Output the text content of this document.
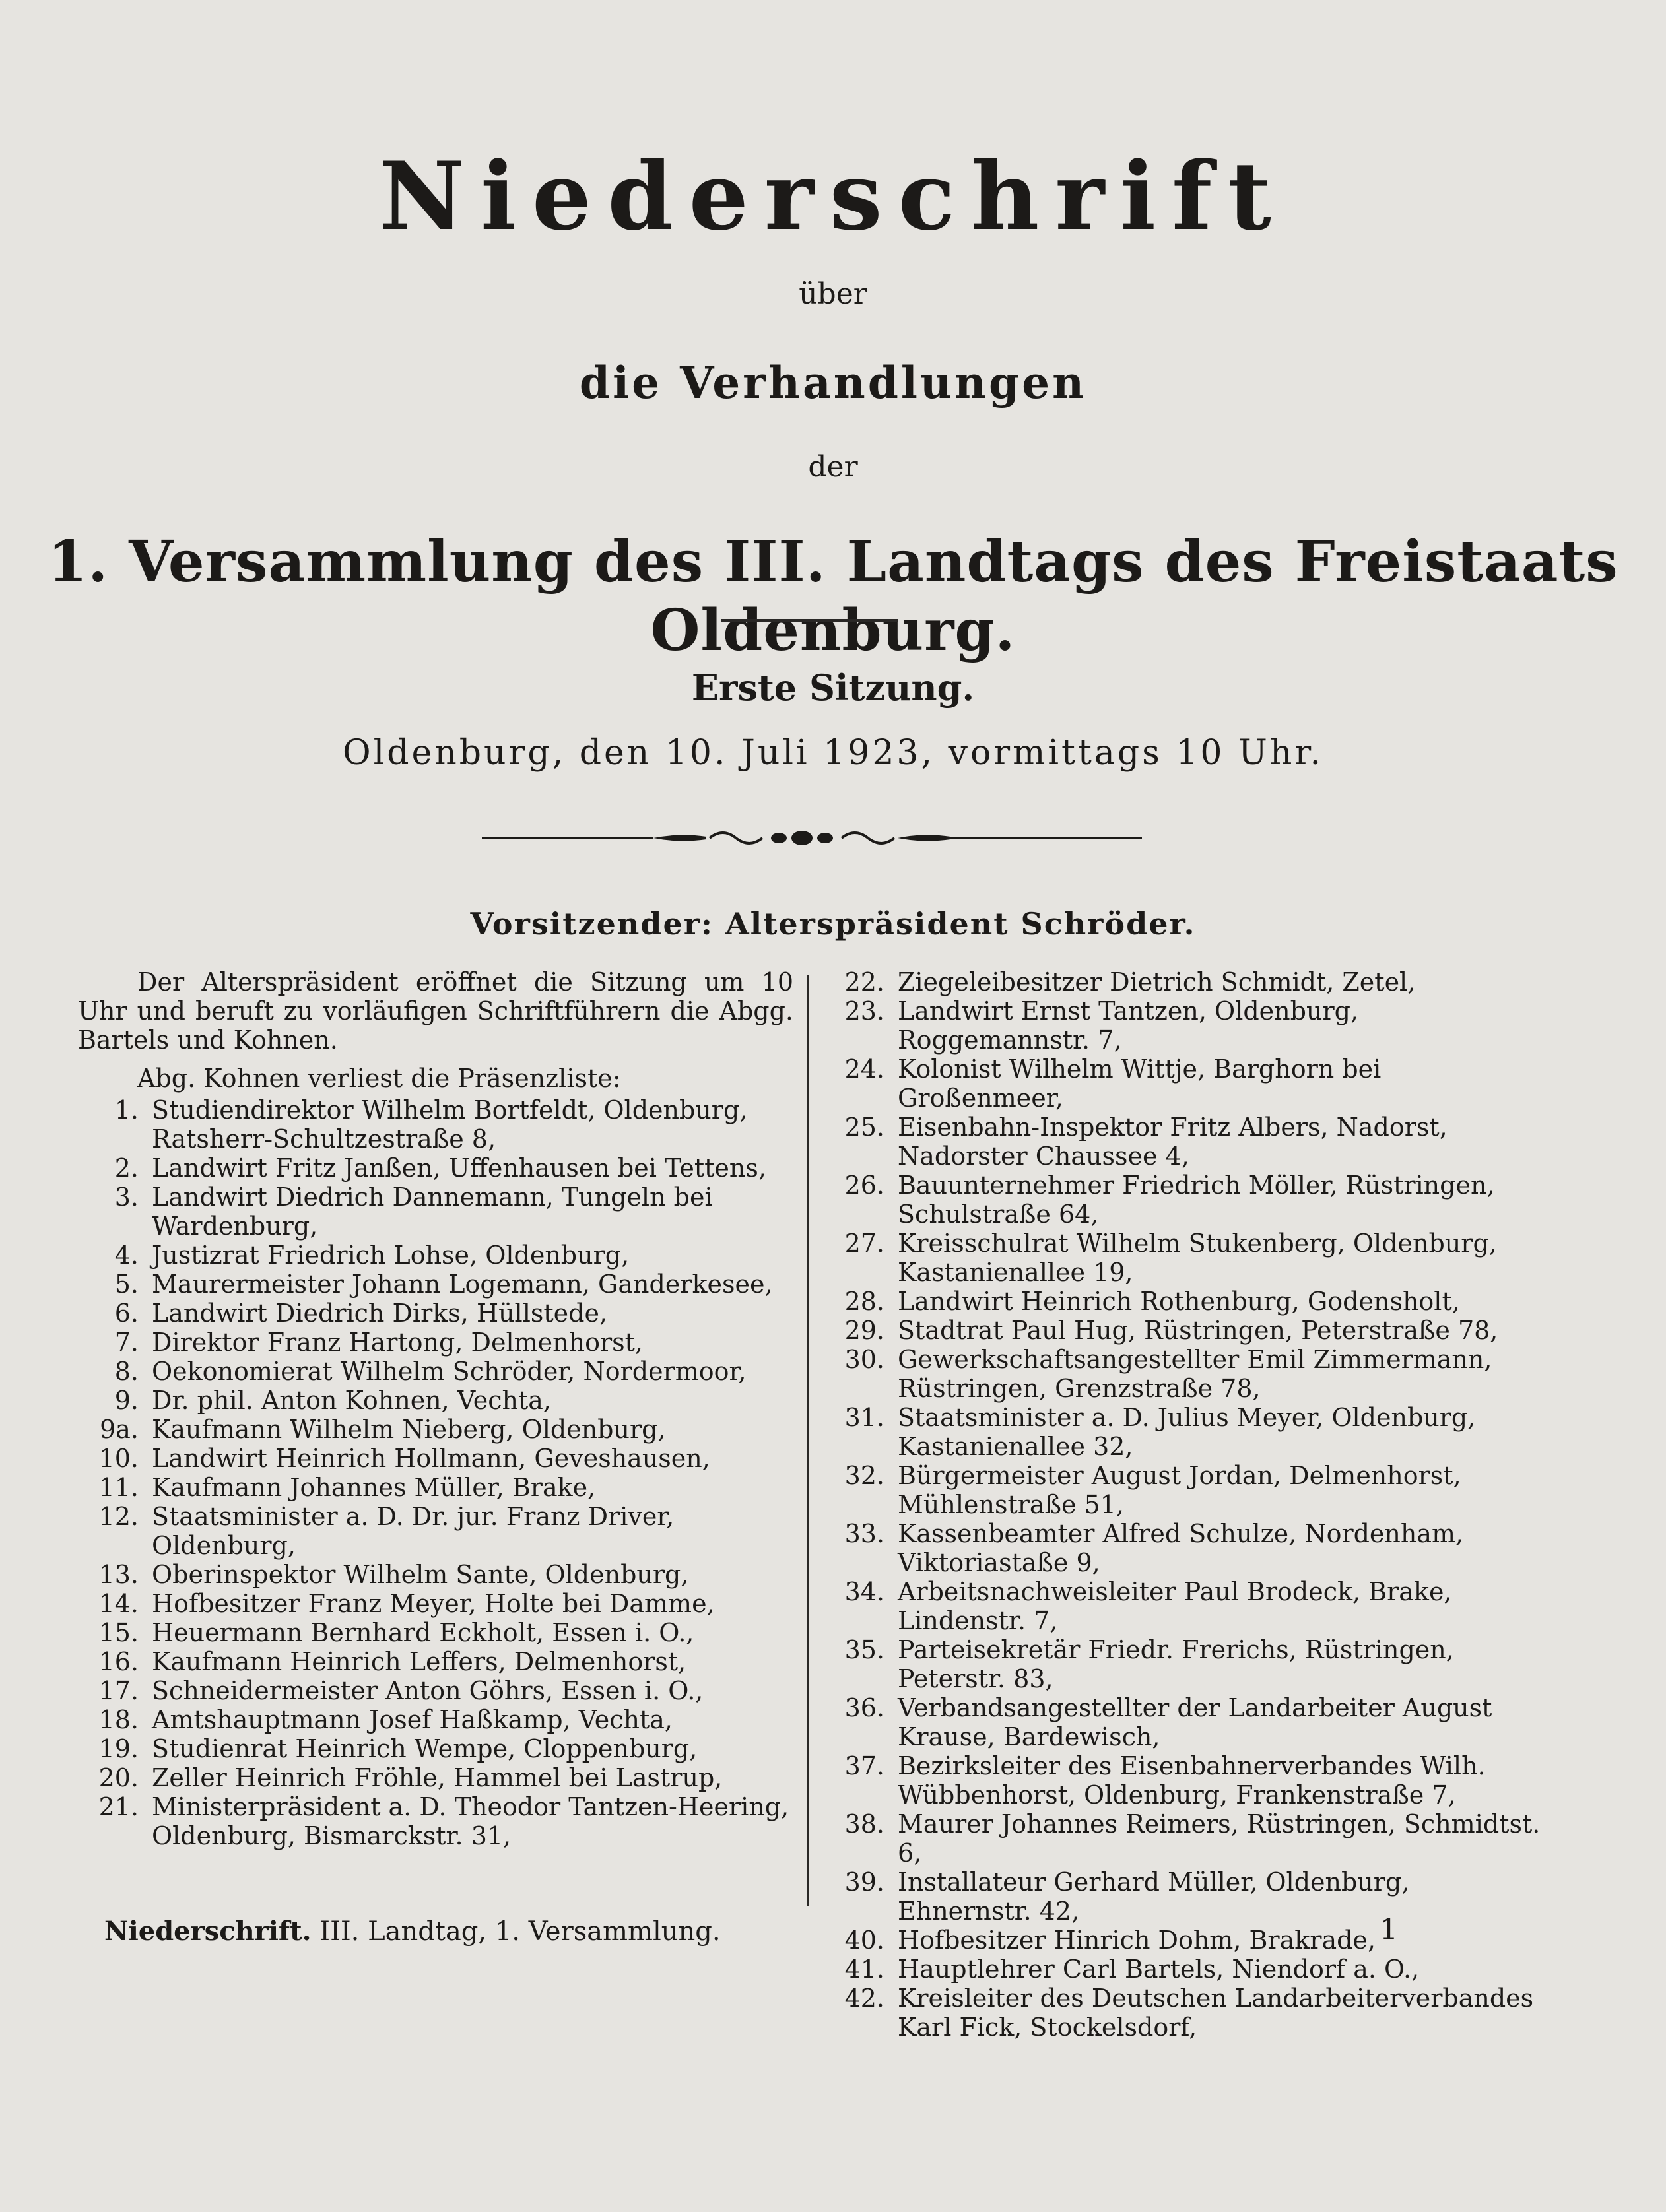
Niederschrift
über
die Verhandlungen
der
1. Versammlung des III. Landtags des Freistaats Oldenburg.
Erste Sitzung.
Oldenburg, den 10. Juli 1923, vormittags 10 Uhr.
Vorsitzender: Alterspräsident Schröder.

Der Alterspräsident eröffnet die Sitzung um 10 Uhr und beruft zu vorläufigen Schriftführern die Abgg. Bartels und Kohnen.

Abg. Kohnen verliest die Präsenzliste:

1. Studiendirektor Wilhelm Bortfeldt, Oldenburg, Ratsherr-Schultzestraße 8,
2. Landwirt Fritz Janßen, Uffenhausen bei Tettens,
3. Landwirt Diedrich Dannemann, Tungeln bei Wardenburg,
4. Justizrat Friedrich Lohse, Oldenburg,
5. Maurermeister Johann Logemann, Ganderkesee,
6. Landwirt Diedrich Dirks, Hüllstede,
7. Direktor Franz Hartong, Delmenhorst,
8. Oekonomierat Wilhelm Schröder, Nordermoor,
9. Dr. phil. Anton Kohnen, Vechta,
9a. Kaufmann Wilhelm Nieberg, Oldenburg,
10. Landwirt Heinrich Hollmann, Geveshausen,
11. Kaufmann Johannes Müller, Brake,
12. Staatsminister a. D. Dr. jur. Franz Driver, Oldenburg,
13. Oberinspektor Wilhelm Sante, Oldenburg,
14. Hofbesitzer Franz Meyer, Holte bei Damme,
15. Heuermann Bernhard Eckholt, Essen i. O.,
16. Kaufmann Heinrich Leffers, Delmenhorst,
17. Schneidermeister Anton Göhrs, Essen i. O.,
18. Amtshauptmann Josef Haßkamp, Vechta,
19. Studienrat Heinrich Wempe, Cloppenburg,
20. Zeller Heinrich Fröhle, Hammel bei Lastrup,
21. Ministerpräsident a. D. Theodor Tantzen-Heering, Oldenburg, Bismarckstr. 31,
22. Ziegeleibesitzer Dietrich Schmidt, Zetel,
23. Landwirt Ernst Tantzen, Oldenburg, Roggemannstr. 7,
24. Kolonist Wilhelm Wittje, Barghorn bei Großenmeer,
25. Eisenbahn-Inspektor Fritz Albers, Nadorst, Nadorster Chaussee 4,
26. Bauunternehmer Friedrich Möller, Rüstringen, Schulstraße 64,
27. Kreisschulrat Wilhelm Stukenberg, Oldenburg, Kastanienallee 19,
28. Landwirt Heinrich Rothenburg, Godensholt,
29. Stadtrat Paul Hug, Rüstringen, Peterstraße 78,
30. Gewerkschaftsangestellter Emil Zimmermann, Rüstringen, Grenzstraße 78,
31. Staatsminister a. D. Julius Meyer, Oldenburg, Kastanienallee 32,
32. Bürgermeister August Jordan, Delmenhorst, Mühlenstraße 51,
33. Kassenbeamter Alfred Schulze, Nordenham, Viktoriastaße 9,
34. Arbeitsnachweisleiter Paul Brodeck, Brake, Lindenstr. 7,
35. Parteisekretär Friedr. Frerichs, Rüstringen, Peterstr. 83,
36. Verbandsangestellter der Landarbeiter August Krause, Bardewisch,
37. Bezirksleiter des Eisenbahnerverbandes Wilh. Wübbenhorst, Oldenburg, Frankenstraße 7,
38. Maurer Johannes Reimers, Rüstringen, Schmidtst. 6,
39. Installateur Gerhard Müller, Oldenburg, Ehnernstr. 42,
40. Hofbesitzer Hinrich Dohm, Brakrade,
41. Hauptlehrer Carl Bartels, Niendorf a. O.,
42. Kreisleiter des Deutschen Landarbeiterverbandes Karl Fick, Stockelsdorf,
Niederschrift. III. Landtag, 1. Versammlung.	1
